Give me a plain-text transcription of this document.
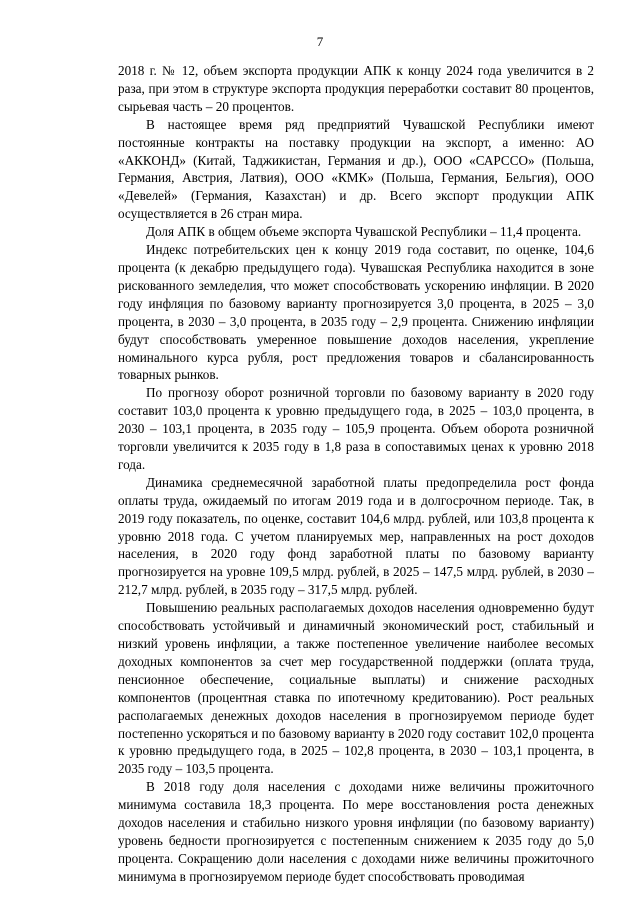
7

2018 г. № 12, объем экспорта продукции АПК к концу 2024 года увеличится в 2 раза, при этом в структуре экспорта продукция переработки составит 80 процентов, сырьевая часть – 20 процентов.

В настоящее время ряд предприятий Чувашской Республики имеют постоянные контракты на поставку продукции на экспорт, а именно: АО «АККОНД» (Китай, Таджикистан, Германия и др.), ООО «САРССО» (Польша, Германия, Австрия, Латвия), ООО «КМК» (Польша, Германия, Бельгия), ООО «Девелей» (Германия, Казахстан) и др. Всего экспорт продукции АПК осуществляется в 26 стран мира.

Доля АПК в общем объеме экспорта Чувашской Республики – 11,4 процента.

Индекс потребительских цен к концу 2019 года составит, по оценке, 104,6 процента (к декабрю предыдущего года). Чувашская Республика находится в зоне рискованного земледелия, что может способствовать ускорению инфляции. В 2020 году инфляция по базовому варианту прогнозируется 3,0 процента, в 2025 – 3,0 процента, в 2030 – 3,0 процента, в 2035 году – 2,9 процента. Снижению инфляции будут способствовать умеренное повышение доходов населения, укрепление номинального курса рубля, рост предложения товаров и сбалансированность товарных рынков.

По прогнозу оборот розничной торговли по базовому варианту в 2020 году составит 103,0 процента к уровню предыдущего года, в 2025 – 103,0 процента, в 2030 – 103,1 процента, в 2035 году – 105,9 процента. Объем оборота розничной торговли увеличится к 2035 году в 1,8 раза в сопоставимых ценах к уровню 2018 года.

Динамика среднемесячной заработной платы предопределила рост фонда оплаты труда, ожидаемый по итогам 2019 года и в долгосрочном периоде. Так, в 2019 году показатель, по оценке, составит 104,6 млрд. рублей, или 103,8 процента к уровню 2018 года. С учетом планируемых мер, направленных на рост доходов населения, в 2020 году фонд заработной платы по базовому варианту прогнозируется на уровне 109,5 млрд. рублей, в 2025 – 147,5 млрд. рублей, в 2030 – 212,7 млрд. рублей, в 2035 году – 317,5 млрд. рублей.

Повышению реальных располагаемых доходов населения одновременно будут способствовать устойчивый и динамичный экономический рост, стабильный и низкий уровень инфляции, а также постепенное увеличение наиболее весомых доходных компонентов за счет мер государственной поддержки (оплата труда, пенсионное обеспечение, социальные выплаты) и снижение расходных компонентов (процентная ставка по ипотечному кредитованию). Рост реальных располагаемых денежных доходов населения в прогнозируемом периоде будет постепенно ускоряться и по базовому варианту в 2020 году составит 102,0 процента к уровню предыдущего года, в 2025 – 102,8 процента, в 2030 – 103,1 процента, в 2035 году – 103,5 процента.

В 2018 году доля населения с доходами ниже величины прожиточного минимума составила 18,3 процента. По мере восстановления роста денежных доходов населения и стабильно низкого уровня инфляции (по базовому варианту) уровень бедности прогнозируется с постепенным снижением к 2035 году до 5,0 процента. Сокращению доли населения с доходами ниже величины прожиточного минимума в прогнозируемом периоде будет способствовать проводимая
